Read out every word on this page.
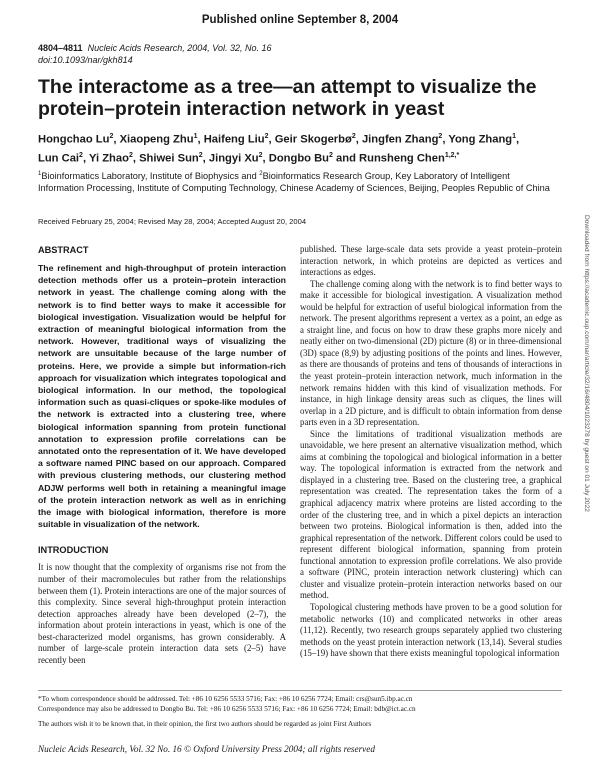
Published online September 8, 2004
4804–4811 Nucleic Acids Research, 2004, Vol. 32, No. 16
doi:10.1093/nar/gkh814
The interactome as a tree—an attempt to visualize the protein–protein interaction network in yeast
Hongchao Lu$^2$, Xiaopeng Zhu$^1$, Haifeng Liu$^2$, Geir Skogerbø$^2$, Jingfen Zhang$^2$, Yong Zhang$^1$,
Lun Cai$^2$, Yi Zhao$^2$, Shiwei Sun$^2$, Jingyi Xu$^2$, Dongbo Bu$^2$ and Runsheng Chen$^{1,2,*}$
$^1$Bioinformatics Laboratory, Institute of Biophysics and $^2$Bioinformatics Research Group, Key Laboratory of Intelligent Information Processing, Institute of Computing Technology, Chinese Academy of Sciences, Beijing, Peoples Republic of China
Received February 25, 2004; Revised May 28, 2004; Accepted August 20, 2004
ABSTRACT

The refinement and high-throughput of protein interaction detection methods offer us a protein–protein interaction network in yeast. The challenge coming along with the network is to find better ways to make it accessible for biological investigation. Visualization would be helpful for extraction of meaningful biological information from the network. However, traditional ways of visualizing the network are unsuitable because of the large number of proteins. Here, we provide a simple but information-rich approach for visualization which integrates topological and biological information. In our method, the topological information such as quasi-cliques or spoke-like modules of the network is extracted into a clustering tree, where biological information spanning from protein functional annotation to expression profile correlations can be annotated onto the representation of it. We have developed a software named PINC based on our approach. Compared with previous clustering methods, our clustering method ADJW performs well both in retaining a meaningful image of the protein interaction network as well as in enriching the image with biological information, therefore is more suitable in visualization of the network.

INTRODUCTION

It is now thought that the complexity of organisms rise not from the number of their macromolecules but rather from the relationships between them (1). Protein interactions are one of the major sources of this complexity. Since several high-throughput protein interaction detection approaches already have been developed (2–7), the information about protein interactions in yeast, which is one of the best-characterized model organisms, has grown considerably. A number of large-scale protein interaction data sets (2–5) have recently been

published. These large-scale data sets provide a yeast protein–protein interaction network, in which proteins are depicted as vertices and interactions as edges.

The challenge coming along with the network is to find better ways to make it accessible for biological investigation. A visualization method would be helpful for extraction of useful biological information from the network. The present algorithms represent a vertex as a point, an edge as a straight line, and focus on how to draw these graphs more nicely and neatly either on two-dimensional (2D) picture (8) or in three-dimensional (3D) space (8,9) by adjusting positions of the points and lines. However, as there are thousands of proteins and tens of thousands of interactions in the yeast protein–protein interaction network, much information in the network remains hidden with this kind of visualization methods. For instance, in high linkage density areas such as cliques, the lines will overlap in a 2D picture, and is difficult to obtain information from dense parts even in a 3D representation.

Since the limitations of traditional visualization methods are unavoidable, we here present an alternative visualization method, which aims at combining the topological and biological information in a better way. The topological information is extracted from the network and displayed in a clustering tree. Based on the clustering tree, a graphical representation was created. The representation takes the form of a graphical adjacency matrix where proteins are listed according to the order of the clustering tree, and in which a pixel depicts an interaction between two proteins. Biological information is then, added into the graphical representation of the network. Different colors could be used to represent different biological information, spanning from protein functional annotation to expression profile correlations. We also provide a software (PINC, protein interaction network clustering) which can cluster and visualize protein–protein interaction networks based on our method.

Topological clustering methods have proven to be a good solution for metabolic networks (10) and complicated networks in other areas (11,12). Recently, two research groups separately applied two clustering methods on the yeast protein interaction network (13,14). Several studies (15–19) have shown that there exists meaningful topological information

*To whom correspondence should be addressed. Tel: +86 10 6256 5533 5716; Fax: +86 10 6256 7724; Email: crs@sun5.ibp.ac.cn

Correspondence may also be addressed to Dongbo Bu. Tel: +86 10 6256 5533 5716; Fax: +86 10 6256 7724; Email: bdb@ict.ac.cn

The authors wish it to be known that, in their opinion, the first two authors should be regarded as joint First Authors

Nucleic Acids Research, Vol. 32 No. 16 © Oxford University Press 2004; all rights reserved
Downloaded from https://academic.oup.com/nar/article/32/16/4804/1023278 by guest on 01 July 2022
